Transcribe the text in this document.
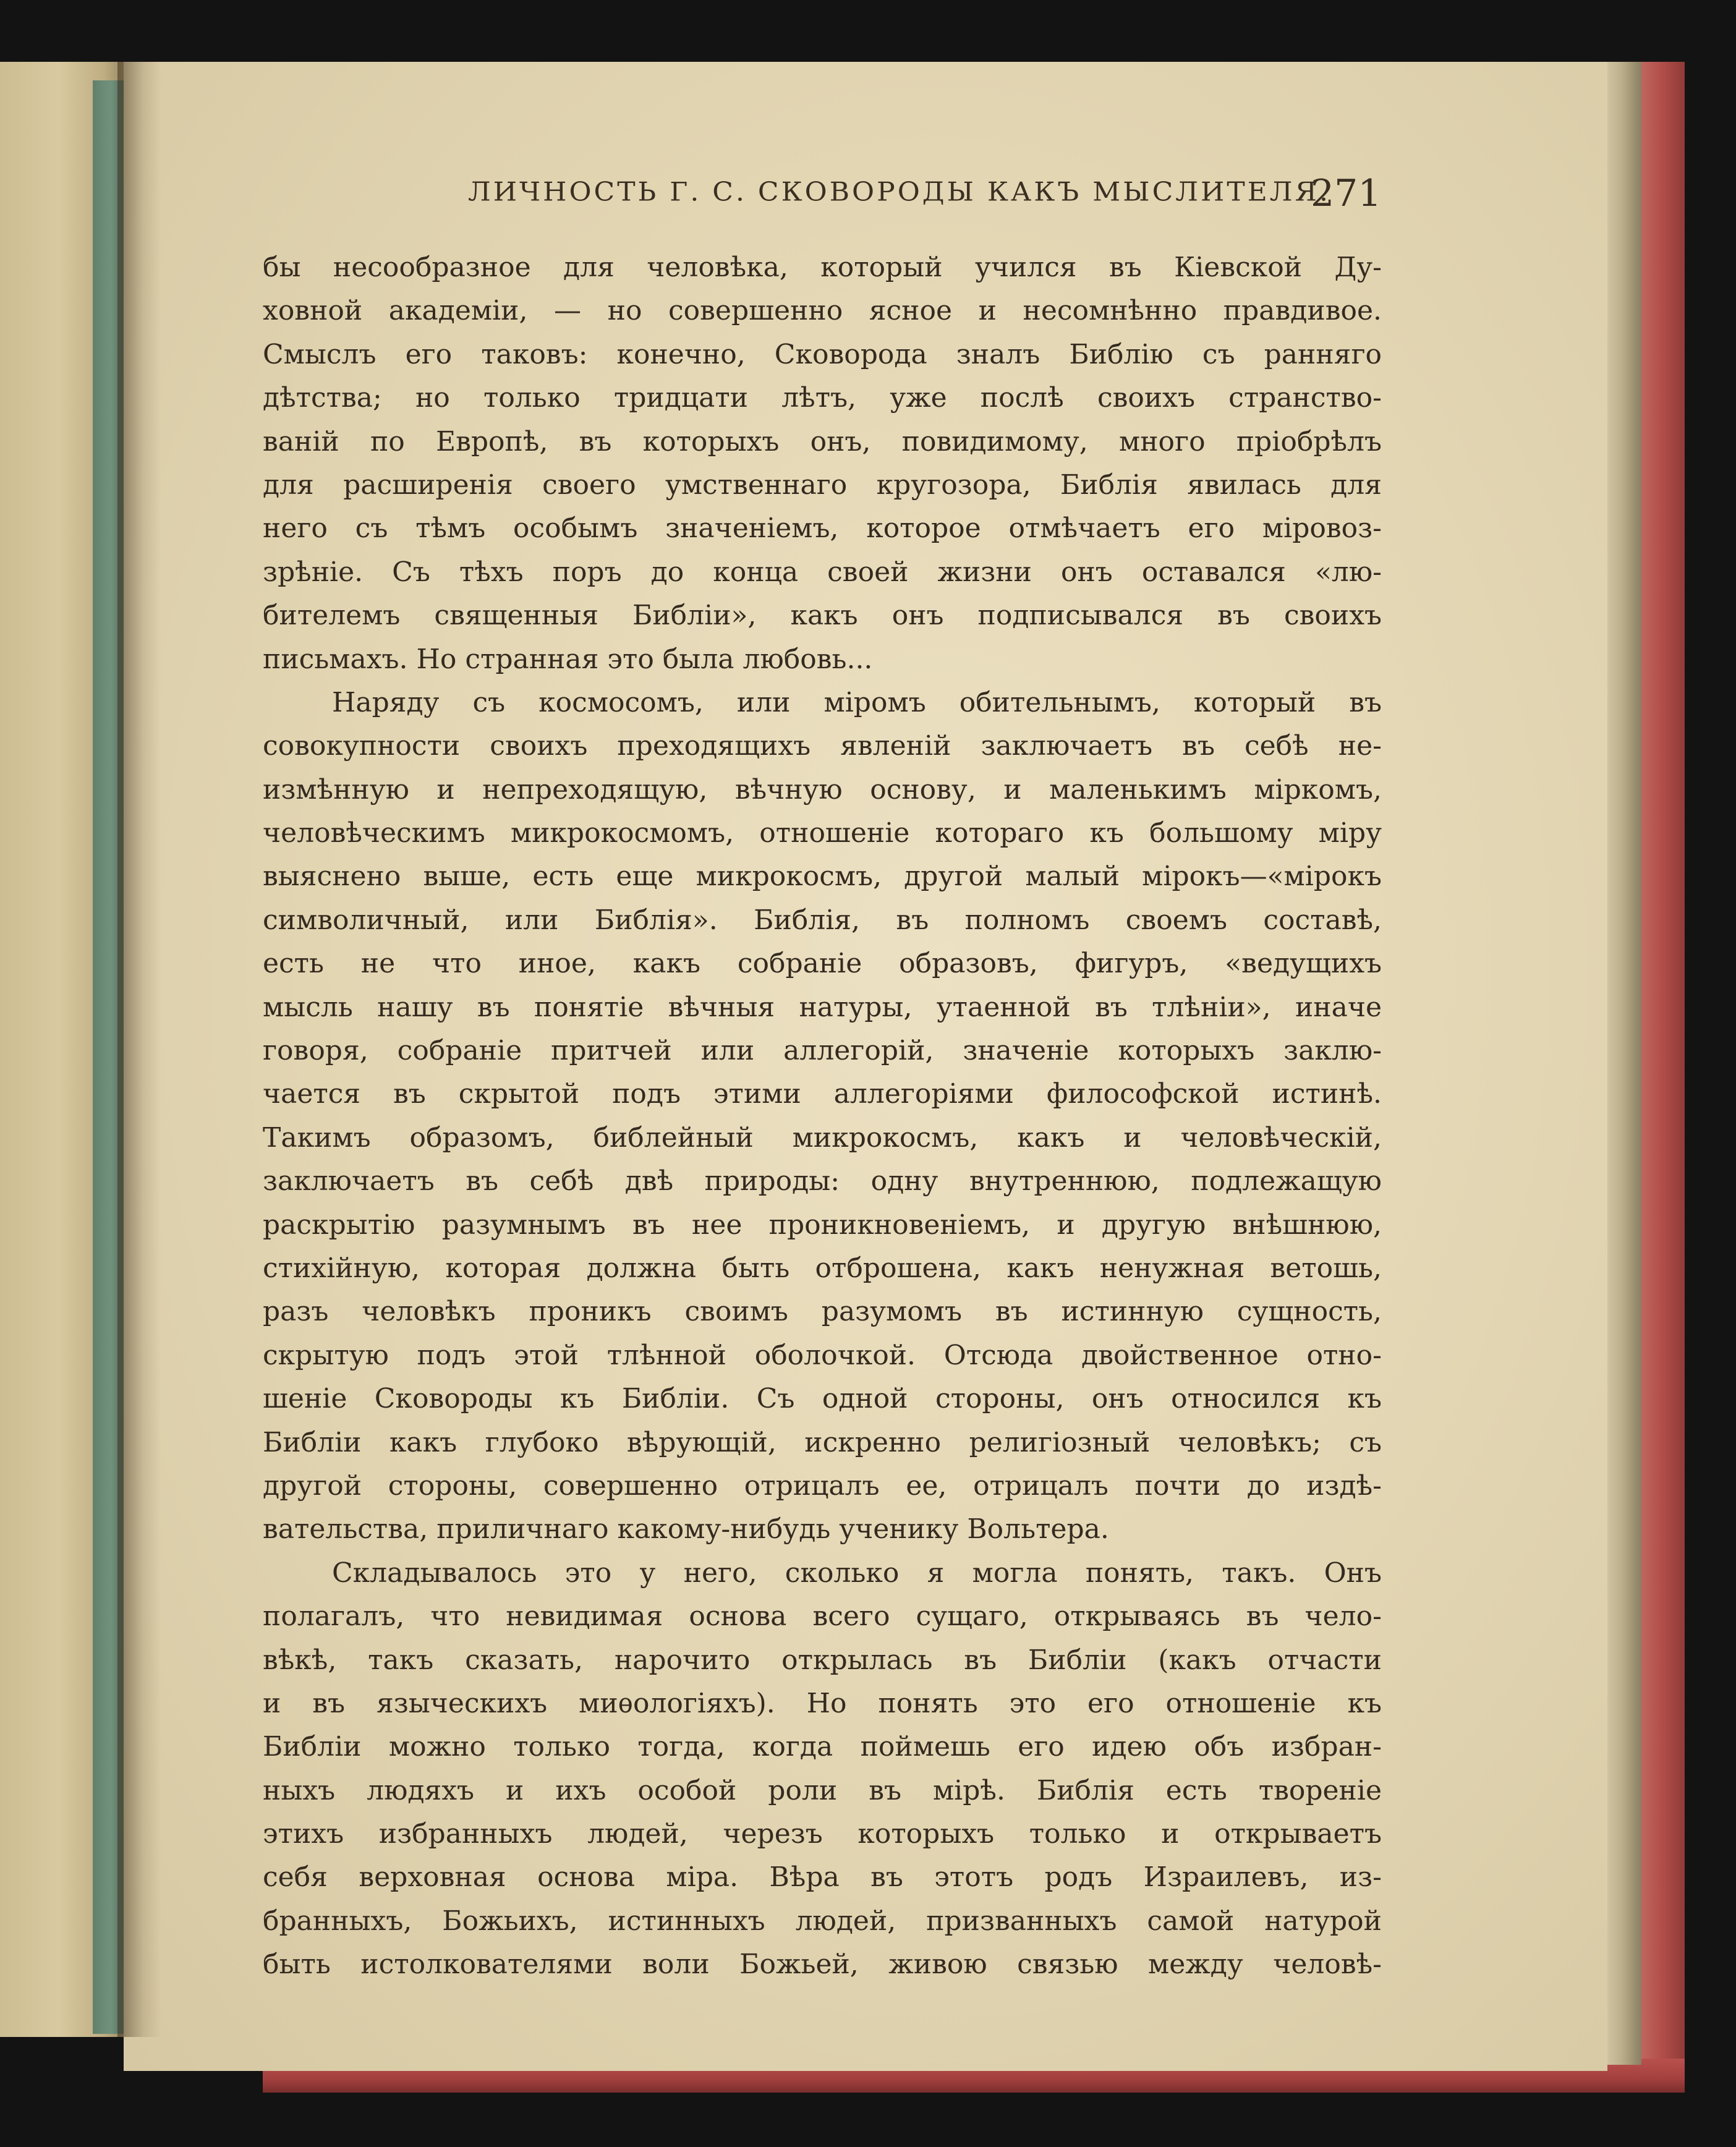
ЛИЧНОСТЬ Г. С. СКОВОРОДЫ КАКЪ МЫСЛИТЕЛЯ.
271
бы несообразное для человѣка, который учился въ Кіевской Ду-
ховной академіи, — но совершенно ясное и несомнѣнно правдивое.
Смыслъ его таковъ: конечно, Сковорода зналъ Библію съ ранняго
дѣтства; но только тридцати лѣтъ, уже послѣ своихъ странство-
ваній по Европѣ, въ которыхъ онъ, повидимому, много пріобрѣлъ
для расширенія своего умственнаго кругозора, Библія явилась для
него съ тѣмъ особымъ значеніемъ, которое отмѣчаетъ его міровоз-
зрѣніе. Съ тѣхъ поръ до конца своей жизни онъ оставался «лю-
бителемъ священныя Библіи», какъ онъ подписывался въ своихъ
письмахъ. Но странная это была любовь...
Наряду съ космосомъ, или міромъ обительнымъ, который въ
совокупности своихъ преходящихъ явленій заключаетъ въ себѣ не-
измѣнную и непреходящую, вѣчную основу, и маленькимъ міркомъ,
человѣческимъ микрокосмомъ, отношеніе котораго къ большому міру
выяснено выше, есть еще микрокосмъ, другой малый мірокъ—«мірокъ
символичный, или Библія». Библія, въ полномъ своемъ составѣ,
есть не что иное, какъ собраніе образовъ, фигуръ, «ведущихъ
мысль нашу въ понятіе вѣчныя натуры, утаенной въ тлѣніи», иначе
говоря, собраніе притчей или аллегорій, значеніе которыхъ заклю-
чается въ скрытой подъ этими аллегоріями философской истинѣ.
Такимъ образомъ, библейный микрокосмъ, какъ и человѣческій,
заключаетъ въ себѣ двѣ природы: одну внутреннюю, подлежащую
раскрытію разумнымъ въ нее проникновеніемъ, и другую внѣшнюю,
стихійную, которая должна быть отброшена, какъ ненужная ветошь,
разъ человѣкъ проникъ своимъ разумомъ въ истинную сущность,
скрытую подъ этой тлѣнной оболочкой. Отсюда двойственное отно-
шеніе Сковороды къ Библіи. Съ одной стороны, онъ относился къ
Библіи какъ глубоко вѣрующій, искренно религіозный человѣкъ; съ
другой стороны, совершенно отрицалъ ее, отрицалъ почти до издѣ-
вательства, приличнаго какому-нибудь ученику Вольтера.
Складывалось это у него, сколько я могла понять, такъ. Онъ
полагалъ, что невидимая основа всего сущаго, открываясь въ чело-
вѣкѣ, такъ сказать, нарочито открылась въ Библіи (какъ отчасти
и въ языческихъ миѳологіяхъ). Но понять это его отношеніе къ
Библіи можно только тогда, когда поймешь его идею объ избран-
ныхъ людяхъ и ихъ особой роли въ мірѣ. Библія есть твореніе
этихъ избранныхъ людей, черезъ которыхъ только и открываетъ
себя верховная основа міра. Вѣра въ этотъ родъ Израилевъ, из-
бранныхъ, Божьихъ, истинныхъ людей, призванныхъ самой натурой
быть истолкователями воли Божьей, живою связью между человѣ-
